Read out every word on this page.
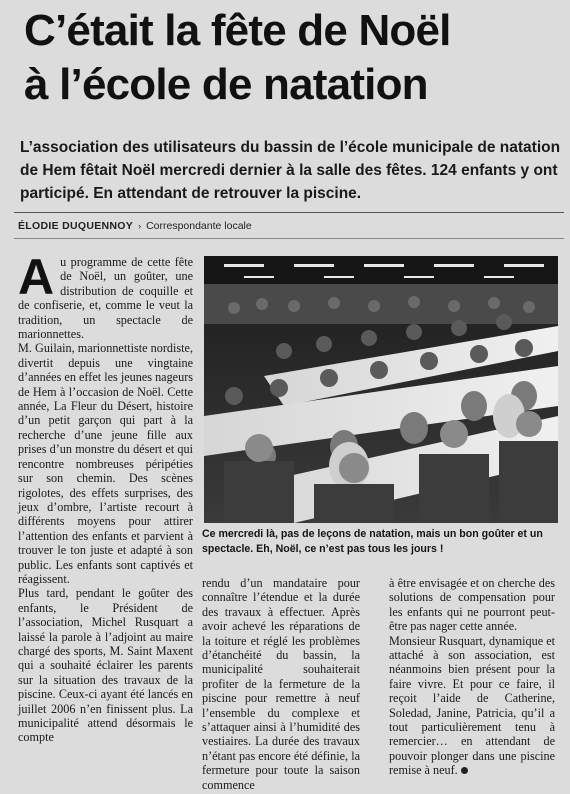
C’était la fête de Noël
à l’école de natation
L’association des utilisateurs du bassin de l’école municipale de natation de Hem fêtait Noël mercredi dernier à la salle des fêtes. 124 enfants y ont participé. En attendant de retrouver la piscine.
ÉLODIE DUQUENNOY › Correspondante locale

Au programme de cette fête de Noël, un goûter, une distribution de coquille et de confiserie, et, comme le veut la tradition, un spectacle de marionnettes.

M. Guilain, marionnettiste nordiste, divertit depuis une vingtaine d’années en effet les jeunes nageurs de Hem à l’occasion de Noël. Cette année, La Fleur du Désert, histoire d’un petit garçon qui part à la recherche d’une jeune fille aux prises d’un monstre du désert et qui rencontre nombreuses péripéties sur son chemin. Des scènes rigolotes, des effets surprises, des jeux d’ombre, l’artiste recourt à différents moyens pour attirer l’attention des enfants et parvient à trouver le ton juste et adapté à son public. Les enfants sont captivés et réagissent.

Plus tard, pendant le goûter des enfants, le Président de l’association, Michel Rusquart a laissé la parole à l’adjoint au maire chargé des sports, M. Saint Maxent qui a souhaité éclairer les parents sur la situation des travaux de la piscine. Ceux-ci ayant été lancés en juillet 2006 n’en finissent plus. La municipalité attend désormais le compte

Ce mercredi là, pas de leçons de natation, mais un bon goûter et un spectacle. Eh, Noël, ce n’est pas tous les jours !

rendu d’un mandataire pour connaître l’étendue et la durée des travaux à effectuer. Après avoir achevé les réparations de la toiture et réglé les problèmes d’étanchéité du bassin, la municipalité souhaiterait profiter de la fermeture de la piscine pour remettre à neuf l’ensemble du complexe et s’attaquer ainsi à l’humidité des vestiaires. La durée des travaux n’étant pas encore été définie, la fermeture pour toute la saison commence

à être envisagée et on cherche des solutions de compensation pour les enfants qui ne pourront peut-être pas nager cette année.

Monsieur Rusquart, dynamique et attaché à son association, est néanmoins bien présent pour la faire vivre. Et pour ce faire, il reçoit l’aide de Catherine, Soledad, Janine, Patricia, qu’il a tout particulièrement tenu à remercier… en attendant de pouvoir plonger dans une piscine remise à neuf.
